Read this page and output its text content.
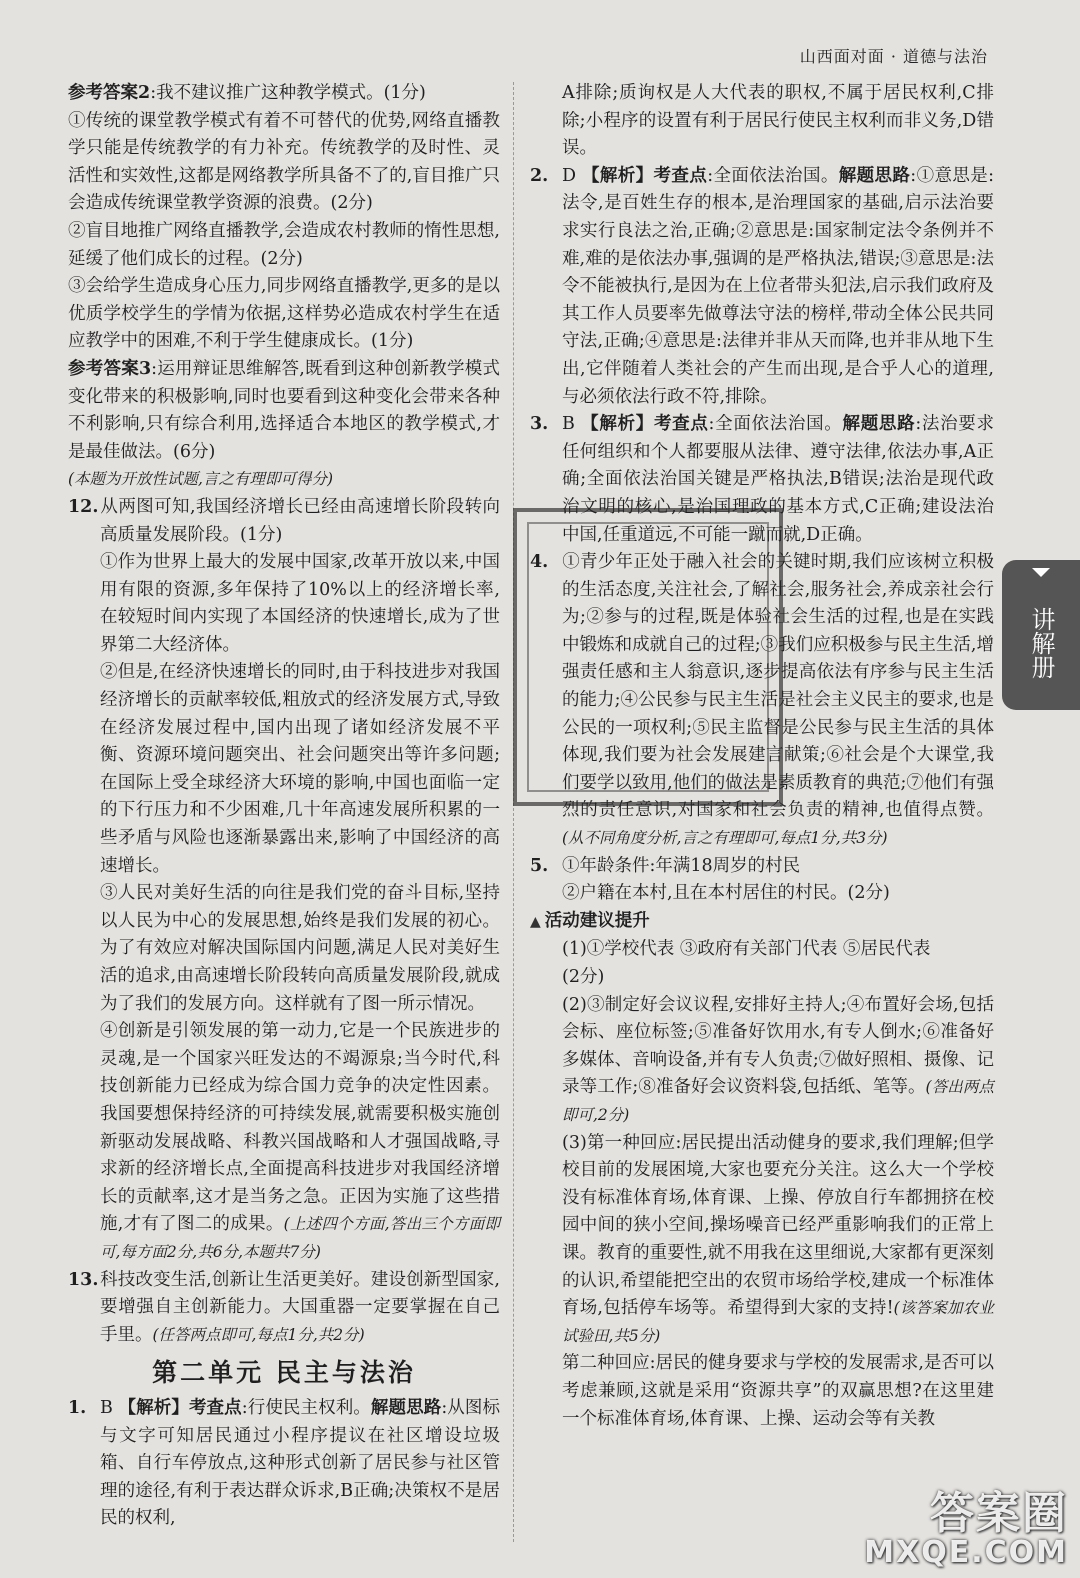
山西面对面 · 道德与法治

参考答案2:我不建议推广这种教学模式。(1分)

①传统的课堂教学模式有着不可替代的优势,网络直播教学只能是传统教学的有力补充。传统教学的及时性、灵活性和实效性,这都是网络教学所具备不了的,盲目推广只会造成传统课堂教学资源的浪费。(2分)

②盲目地推广网络直播教学,会造成农村教师的惰性思想,延缓了他们成长的过程。(2分)

③会给学生造成身心压力,同步网络直播教学,更多的是以优质学校学生的学情为依据,这样势必造成农村学生在适应教学中的困难,不利于学生健康成长。(1分)

参考答案3:运用辩证思维解答,既看到这种创新教学模式变化带来的积极影响,同时也要看到这种变化会带来各种不利影响,只有综合利用,选择适合本地区的教学模式,才是最佳做法。(6分)

(本题为开放性试题,言之有理即可得分)

12.从两图可知,我国经济增长已经由高速增长阶段转向高质量发展阶段。(1分)

①作为世界上最大的发展中国家,改革开放以来,中国用有限的资源,多年保持了10%以上的经济增长率,在较短时间内实现了本国经济的快速增长,成为了世界第二大经济体。

②但是,在经济快速增长的同时,由于科技进步对我国经济增长的贡献率较低,粗放式的经济发展方式,导致在经济发展过程中,国内出现了诸如经济发展不平衡、资源环境问题突出、社会问题突出等许多问题;在国际上受全球经济大环境的影响,中国也面临一定的下行压力和不少困难,几十年高速发展所积累的一些矛盾与风险也逐渐暴露出来,影响了中国经济的高速增长。

③人民对美好生活的向往是我们党的奋斗目标,坚持以人民为中心的发展思想,始终是我们发展的初心。为了有效应对解决国际国内问题,满足人民对美好生活的追求,由高速增长阶段转向高质量发展阶段,就成为了我们的发展方向。这样就有了图一所示情况。

④创新是引领发展的第一动力,它是一个民族进步的灵魂,是一个国家兴旺发达的不竭源泉;当今时代,科技创新能力已经成为综合国力竞争的决定性因素。我国要想保持经济的可持续发展,就需要积极实施创新驱动发展战略、科教兴国战略和人才强国战略,寻求新的经济增长点,全面提高科技进步对我国经济增长的贡献率,这才是当务之急。正因为实施了这些措施,才有了图二的成果。(上述四个方面,答出三个方面即可,每方面2分,共6分,本题共7分)

13.科技改变生活,创新让生活更美好。建设创新型国家,要增强自主创新能力。大国重器一定要掌握在自己手里。(任答两点即可,每点1分,共2分)

第二单元 民主与法治

1. B 【解析】考查点:行使民主权利。解题思路:从图标与文字可知居民通过小程序提议在社区增设垃圾箱、自行车停放点,这种形式创新了居民参与社区管理的途径,有利于表达群众诉求,B正确;决策权不是居民的权利,

A排除;质询权是人大代表的职权,不属于居民权利,C排除;小程序的设置有利于居民行使民主权利而非义务,D错误。

2. D 【解析】考查点:全面依法治国。解题思路:①意思是:法令,是百姓生存的根本,是治理国家的基础,启示法治要求实行良法之治,正确;②意思是:国家制定法令条例并不难,难的是依法办事,强调的是严格执法,错误;③意思是:法令不能被执行,是因为在上位者带头犯法,启示我们政府及其工作人员要率先做尊法守法的榜样,带动全体公民共同守法,正确;④意思是:法律并非从天而降,也并非从地下生出,它伴随着人类社会的产生而出现,是合乎人心的道理,与必须依法行政不符,排除。

3. B 【解析】考查点:全面依法治国。解题思路:法治要求任何组织和个人都要服从法律、遵守法律,依法办事,A正确;全面依法治国关键是严格执法,B错误;法治是现代政治文明的核心,是治国理政的基本方式,C正确;建设法治中国,任重道远,不可能一蹴而就,D正确。

4. ①青少年正处于融入社会的关键时期,我们应该树立积极的生活态度,关注社会,了解社会,服务社会,养成亲社会行为;②参与的过程,既是体验社会生活的过程,也是在实践中锻炼和成就自己的过程;③我们应积极参与民主生活,增强责任感和主人翁意识,逐步提高依法有序参与民主生活的能力;④公民参与民主生活是社会主义民主的要求,也是公民的一项权利;⑤民主监督是公民参与民主生活的具体体现,我们要为社会发展建言献策;⑥社会是个大课堂,我们要学以致用,他们的做法是素质教育的典范;⑦他们有强烈的责任意识,对国家和社会负责的精神,也值得点赞。(从不同角度分析,言之有理即可,每点1分,共3分)

5. ①年龄条件:年满18周岁的村民

②户籍在本村,且在本村居住的村民。(2分)

▲ 活动建议提升

(1)①学校代表 ③政府有关部门代表 ⑤居民代表

(2分)

(2)③制定好会议议程,安排好主持人;④布置好会场,包括会标、座位标签;⑤准备好饮用水,有专人倒水;⑥准备好多媒体、音响设备,并有专人负责;⑦做好照相、摄像、记录等工作;⑧准备好会议资料袋,包括纸、笔等。(答出两点即可,2分)

(3)第一种回应:居民提出活动健身的要求,我们理解;但学校目前的发展困境,大家也要充分关注。这么大一个学校没有标准体育场,体育课、上操、停放自行车都拥挤在校园中间的狭小空间,操场噪音已经严重影响我们的正常上课。教育的重要性,就不用我在这里细说,大家都有更深刻的认识,希望能把空出的农贸市场给学校,建成一个标准体育场,包括停车场等。希望得到大家的支持!(该答案加农业试验田,共5分)

第二种回应:居民的健身要求与学校的发展需求,是否可以考虑兼顾,这就是采用“资源共享”的双赢思想?在这里建一个标准体育场,体育课、上操、运动会等有关教

讲解册
答案圈
MXQE.COM
